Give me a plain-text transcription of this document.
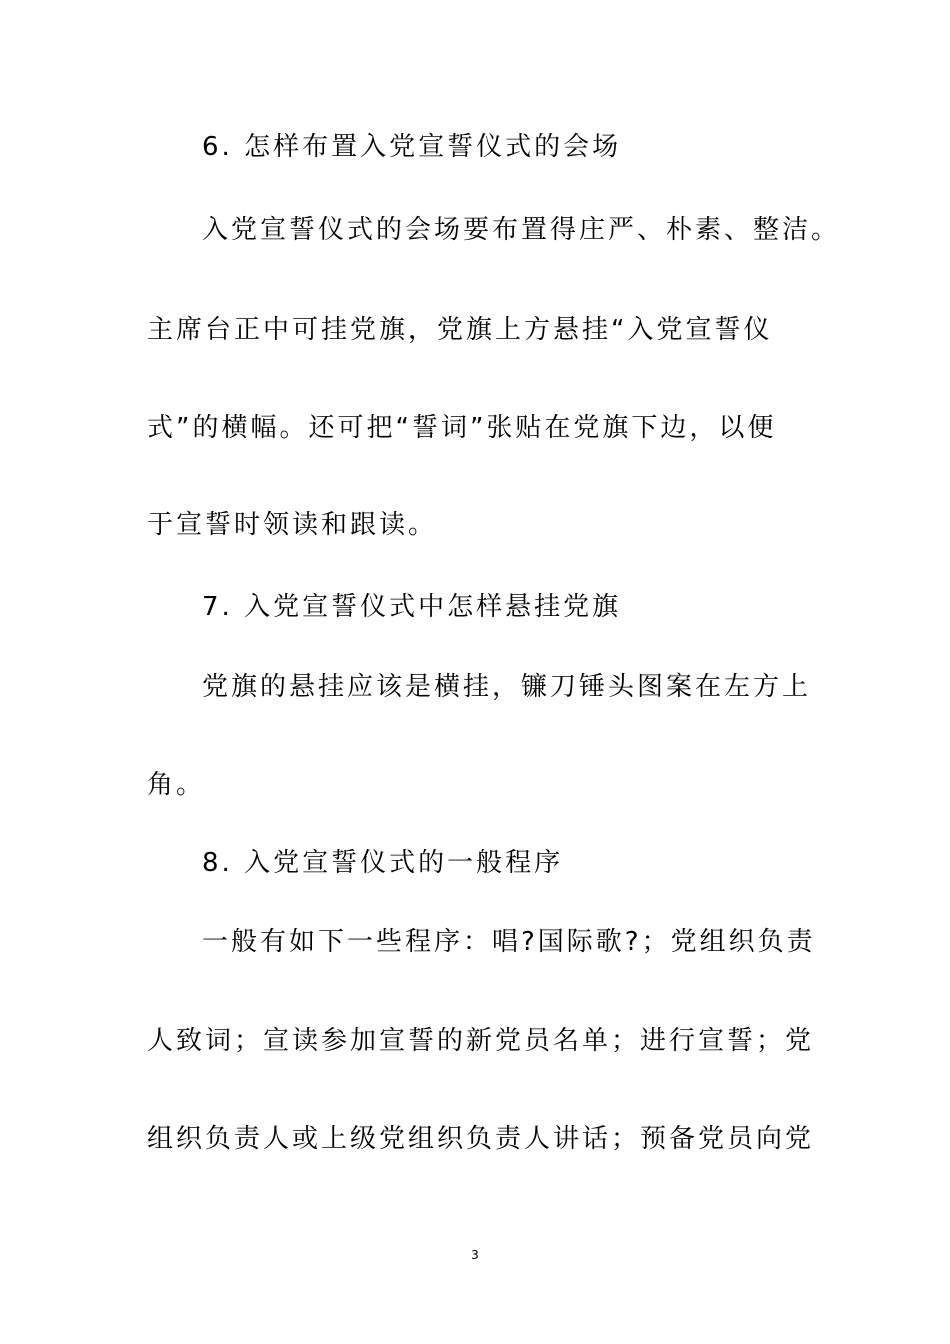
6. 怎样布置入党宣誓仪式的会场
入党宣誓仪式的会场要布置得庄严、朴素、整洁。
主席台正中可挂党旗，党旗上方悬挂“入党宣誓仪
式”的横幅。还可把“誓词”张贴在党旗下边，以便
于宣誓时领读和跟读。
7. 入党宣誓仪式中怎样悬挂党旗
党旗的悬挂应该是横挂，镰刀锤头图案在左方上
角。
8. 入党宣誓仪式的一般程序
一般有如下一些程序：唱?国际歌?；党组织负责
人致词；宣读参加宣誓的新党员名单；进行宣誓；党
组织负责人或上级党组织负责人讲话；预备党员向党
3
